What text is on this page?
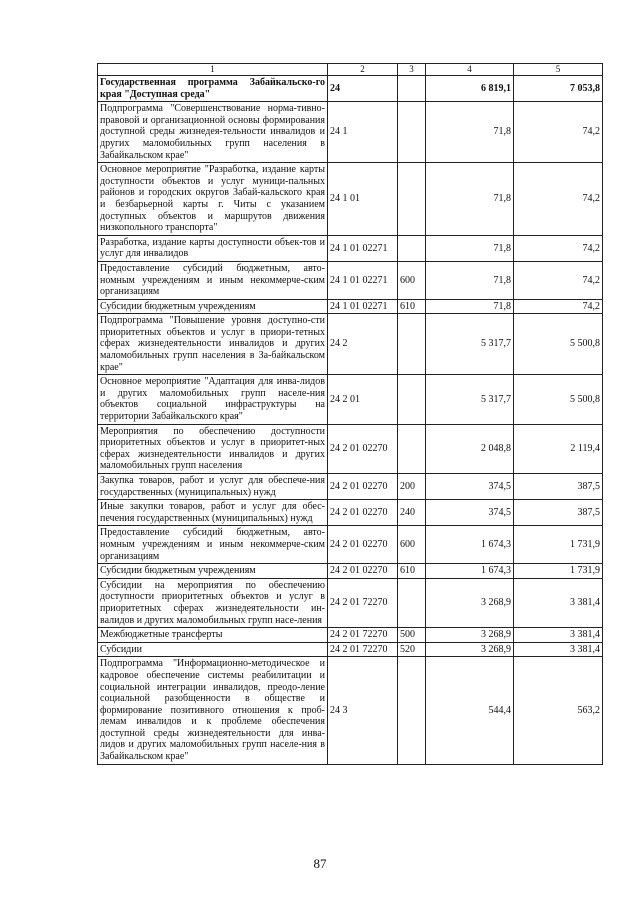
1	2	3	4	5
Государственная программа Забайкальско-го края "Доступная среда"	24		6 819,1	7 053,8
Подпрограмма "Совершенствование норма-тивно-правовой и организационной основы формирования доступной среды жизнедея-тельности инвалидов и других маломобильных групп населения в Забайкальском крае"	24 1		71,8	74,2
Основное мероприятие "Разработка, издание карты доступности объектов и услуг муници-пальных районов и городских округов Забай-кальского края и безбарьерной карты г. Читы с указанием доступных объектов и маршрутов движения низкопольного транспорта"	24 1 01		71,8	74,2
Разработка, издание карты доступности объек-тов и услуг для инвалидов	24 1 01 02271		71,8	74,2
Предоставление субсидий бюджетным, авто-номным учреждениям и иным некоммерче-ским организациям	24 1 01 02271	600	71,8	74,2
Субсидии бюджетным учреждениям	24 1 01 02271	610	71,8	74,2
Подпрограмма "Повышение уровня доступно-сти приоритетных объектов и услуг в приори-тетных сферах жизнедеятельности инвалидов и других маломобильных групп населения в За-байкальском крае"	24 2		5 317,7	5 500,8
Основное мероприятие "Адаптация для инва-лидов и других маломобильных групп населе-ния объектов социальной инфраструктуры на территории Забайкальского края"	24 2 01		5 317,7	5 500,8
Мероприятия по обеспечению доступности приоритетных объектов и услуг в приоритет-ных сферах жизнедеятельности инвалидов и других маломобильных групп населения	24 2 01 02270		2 048,8	2 119,4
Закупка товаров, работ и услуг для обеспече-ния государственных (муниципальных) нужд	24 2 01 02270	200	374,5	387,5
Иные закупки товаров, работ и услуг для обес-печения государственных (муниципальных) нужд	24 2 01 02270	240	374,5	387,5
Предоставление субсидий бюджетным, авто-номным учреждениям и иным некоммерче-ским организациям	24 2 01 02270	600	1 674,3	1 731,9
Субсидии бюджетным учреждениям	24 2 01 02270	610	1 674,3	1 731,9
Субсидии на мероприятия по обеспечению доступности приоритетных объектов и услуг в приоритетных сферах жизнедеятельности ин-валидов и других маломобильных групп насе-ления	24 2 01 72270		3 268,9	3 381,4
Межбюджетные трансферты	24 2 01 72270	500	3 268,9	3 381,4
Субсидии	24 2 01 72270	520	3 268,9	3 381,4
Подпрограмма "Информационно-методическое и кадровое обеспечение системы реабилитации и социальной интеграции инвалидов, преодо-ление социальной разобщенности в обществе и формирование позитивного отношения к проб-лемам инвалидов и к проблеме обеспечения доступной среды жизнедеятельности для инва-лидов и других маломобильных групп населе-ния в Забайкальском крае"	24 3		544,4	563,2
87
